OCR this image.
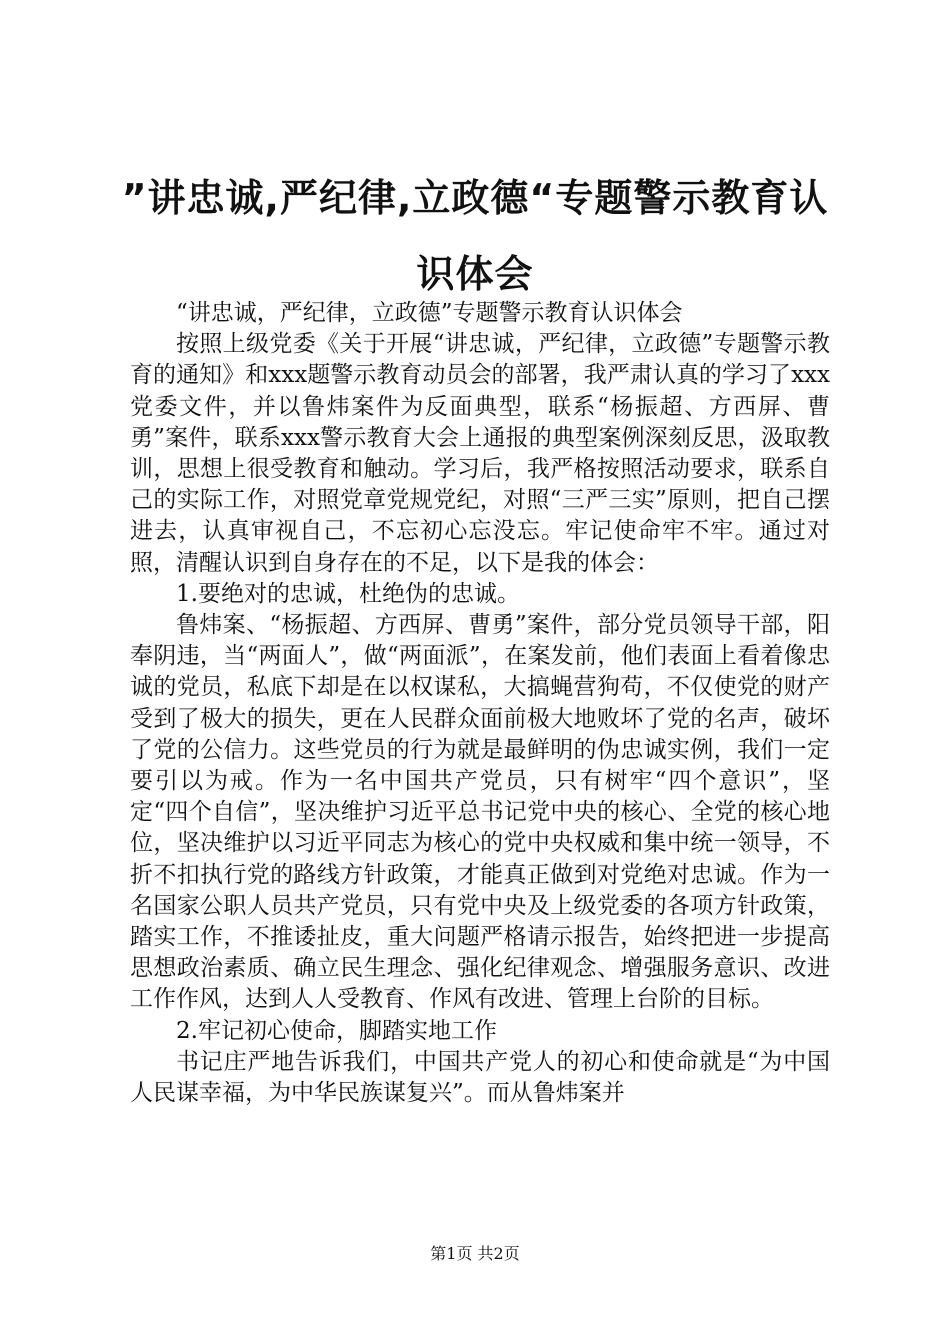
”讲忠诚,严纪律,立政德“专题警示教育认识体会

“讲忠诚，严纪律，立政德”专题警示教育认识体会

按照上级党委《关于开展“讲忠诚，严纪律，立政德”专题警示教育的通知》和xxx题警示教育动员会的部署，我严肃认真的学习了xxx党委文件，并以鲁炜案件为反面典型，联系“杨振超、方西屏、曹勇”案件，联系xxx警示教育大会上通报的典型案例深刻反思，汲取教训，思想上很受教育和触动。学习后，我严格按照活动要求，联系自己的实际工作，对照党章党规党纪，对照“三严三实”原则，把自己摆进去，认真审视自己，不忘初心忘没忘。牢记使命牢不牢。通过对照，清醒认识到自身存在的不足，以下是我的体会：

1.要绝对的忠诚，杜绝伪的忠诚。

鲁炜案、“杨振超、方西屏、曹勇”案件，部分党员领导干部，阳奉阴违，当“两面人”，做“两面派”，在案发前，他们表面上看着像忠诚的党员，私底下却是在以权谋私，大搞蝇营狗苟，不仅使党的财产受到了极大的损失，更在人民群众面前极大地败坏了党的名声，破坏了党的公信力。这些党员的行为就是最鲜明的伪忠诚实例，我们一定要引以为戒。作为一名中国共产党员，只有树牢“四个意识”，坚定“四个自信”，坚决维护习近平总书记党中央的核心、全党的核心地位，坚决维护以习近平同志为核心的党中央权威和集中统一领导，不折不扣执行党的路线方针政策，才能真正做到对党绝对忠诚。作为一名国家公职人员共产党员，只有党中央及上级党委的各项方针政策，踏实工作，不推诿扯皮，重大问题严格请示报告，始终把进一步提高思想政治素质、确立民生理念、强化纪律观念、增强服务意识、改进工作作风，达到人人受教育、作风有改进、管理上台阶的目标。

2.牢记初心使命，脚踏实地工作

书记庄严地告诉我们，中国共产党人的初心和使命就是“为中国人民谋幸福，为中华民族谋复兴”。而从鲁炜案并

第1页 共2页
